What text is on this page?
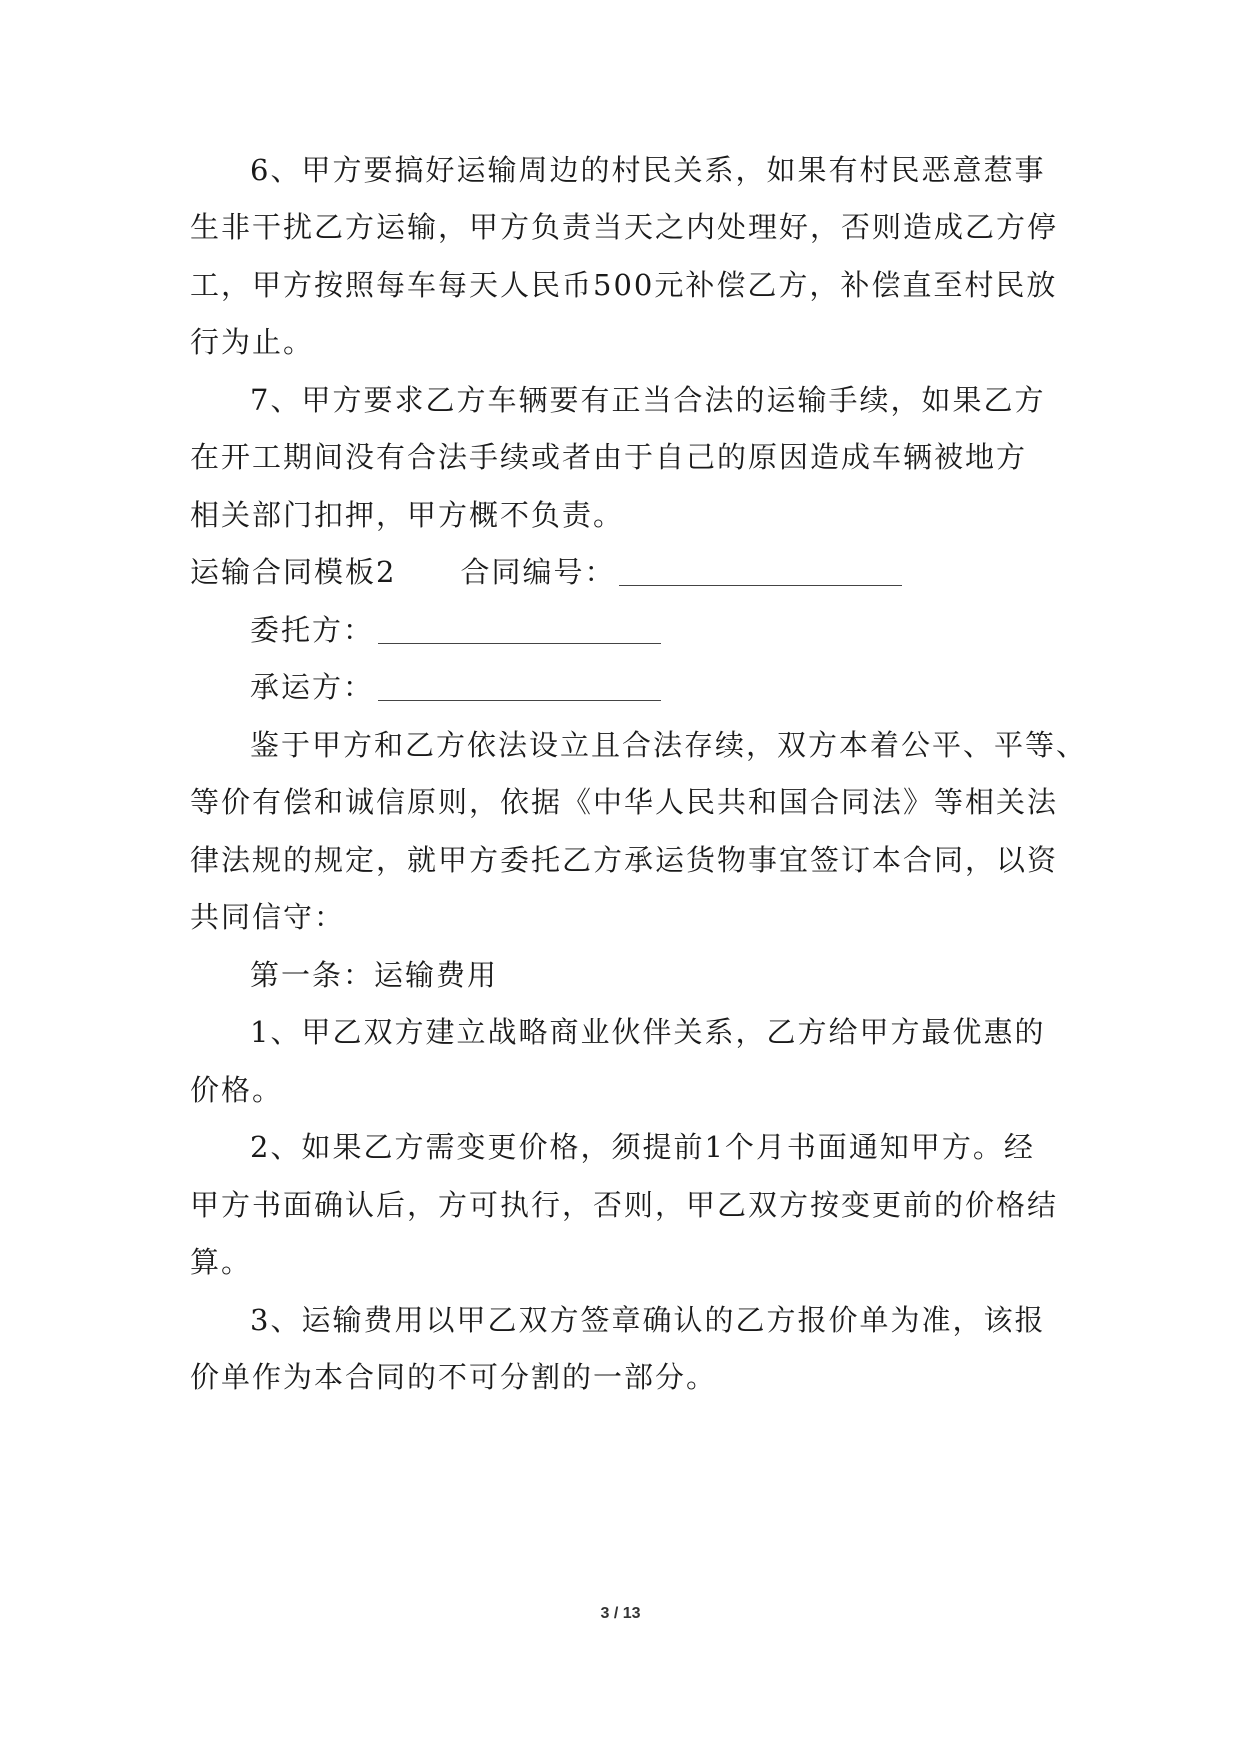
6、甲方要搞好运输周边的村民关系，如果有村民恶意惹事
生非干扰乙方运输，甲方负责当天之内处理好，否则造成乙方停
工，甲方按照每车每天人民币500元补偿乙方，补偿直至村民放
行为止。
7、甲方要求乙方车辆要有正当合法的运输手续，如果乙方
在开工期间没有合法手续或者由于自己的原因造成车辆被地方
相关部门扣押，甲方概不负责。
运输合同模板2 合同编号：
委托方：
承运方：
鉴于甲方和乙方依法设立且合法存续，双方本着公平、平等、
等价有偿和诚信原则，依据《中华人民共和国合同法》等相关法
律法规的规定，就甲方委托乙方承运货物事宜签订本合同，以资
共同信守：
第一条：运输费用
1、甲乙双方建立战略商业伙伴关系，乙方给甲方最优惠的
价格。
2、如果乙方需变更价格，须提前1个月书面通知甲方。经
甲方书面确认后，方可执行，否则，甲乙双方按变更前的价格结
算。
3、运输费用以甲乙双方签章确认的乙方报价单为准，该报
价单作为本合同的不可分割的一部分。
3 / 13
